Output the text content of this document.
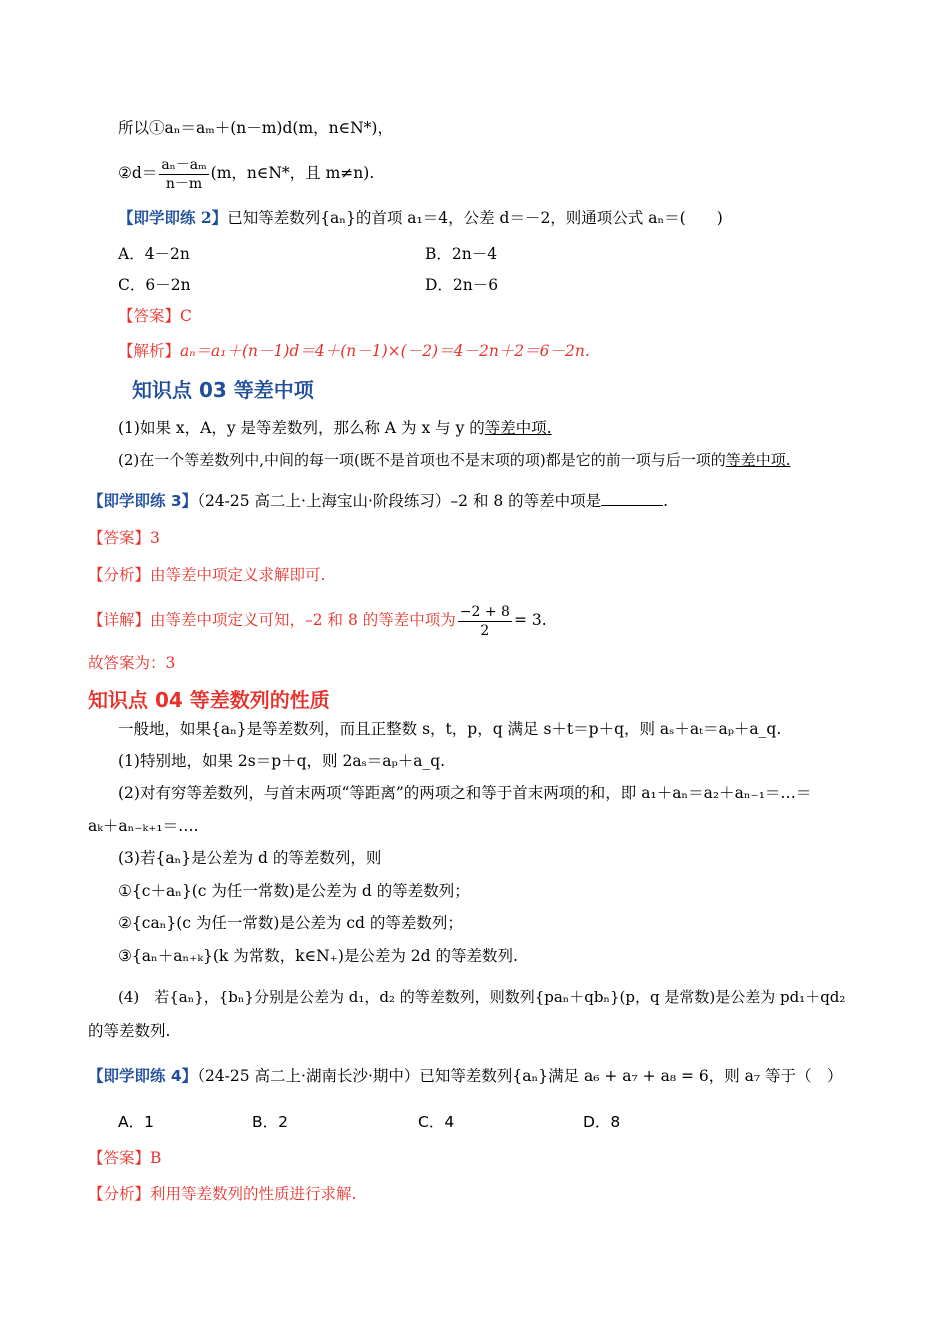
所以①aₙ＝aₘ＋(n－m)d(m，n∈N*)，
②d＝ $\frac{\text{aₙ－aₘ}}{n-m} (m$，n∈N*，且 m≠n).
【即学即练 2】已知等差数列{aₙ}的首项 a₁＝4，公差 d＝－2，则通项公式 aₙ＝(　　)
A．4－2n	B．2n－4
C．6－2n	D．2n－6
【答案】C
【解析】aₙ＝a₁＋(n－1)d＝4＋(n－1)×(－2)＝4－2n＋2＝6－2n.
知识点 03 等差中项
(1)如果 x，A，y 是等差数列，那么称 A 为 x 与 y 的等差中项.
(2)在一个等差数列中,中间的每一项(既不是首项也不是末项的项)都是它的前一项与后一项的等差中项.
【即学即练 3】（24-25 高二上·上海宝山·阶段练习）–2 和 8 的等差中项是	.
【答案】3
【分析】由等差中项定义求解即可.
【详解】由等差中项定义可知，–2 和 8 的等差中项为 $\frac{-2 + 8}{2} = 3$.
故答案为：3
知识点 04 等差数列的性质
一般地，如果{aₙ}是等差数列，而且正整数 s，t，p，q 满足 s＋t＝p＋q，则 aₛ＋aₜ＝aₚ＋a_q.
(1)特别地，如果 2s＝p＋q，则 2aₛ＝aₚ＋a_q.
(2)对有穷等差数列，与首末两项“等距离”的两项之和等于首末两项的和，即 a₁＋aₙ＝a₂＋aₙ₋₁＝…＝
aₖ＋aₙ₋ₖ₊₁＝….
(3)若{aₙ}是公差为 d 的等差数列，则
①{c＋aₙ}(c 为任一常数)是公差为 d 的等差数列；
②{caₙ}(c 为任一常数)是公差为 cd 的等差数列；
③{aₙ＋aₙ₊ₖ}(k 为常数，k∈N₊)是公差为 2d 的等差数列.
(4)　若{aₙ}，{bₙ}分别是公差为 d₁，d₂ 的等差数列，则数列{paₙ＋qbₙ}(p，q 是常数)是公差为 pd₁＋qd₂
的等差数列.
【即学即练 4】（24-25 高二上·湖南长沙·期中）已知等差数列{aₙ}满足 a₆ + a₇ + a₈ = 6，则 a₇ 等于（　）
A．1	B．2	C．4	D．8
【答案】B
【分析】利用等差数列的性质进行求解.
